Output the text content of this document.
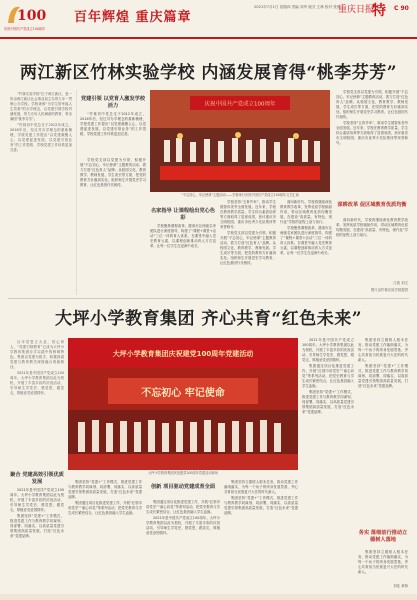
100
庆祝中国共产党成立100周年
百年辉煌 重庆篇章
2021年7月1日 星期四 责编 刘华 版式 王林 校对 张勇
重庆日报
特 C 90
两江新区竹林实验学校 内涵发展育得“桃李芬芳”

“竹林实验学校”位于两江新区，是一所由两江新区社会事业局主办的九年一贯制公办学校。学校秉承“为学生的幸福人生奠基”的办学理念，以党建引领学校内涵发展，努力办好人民满意的教育，育出满园“桃李芬芳”。

“竹林初中党总支于2012年成立，2016年后，经过对办学理念的重新梳理，学校党建工作提出“以党建凝聚人心，以党建促进发展，以党建引领业务”的工作思路，学校党建工作体系更加完善。

党建引领 以党育人激发学校活力

“竹林初中党总支于2012年成立，2016年后，经过对办学理念的重新梳理，学校党建工作提出“以党建凝聚人心，以党建促进发展，以党建引领业务”的工作思路，学校党建工作体系更加完善。

学校党支部以党建为引领，积极开展“不忘初心、牢记使命”主题教育活动，着力打造“红色育人”品牌。从校园文化、教育教学、教师发展、学生成长等方面，把党的教育方针落到实处。组织师生开展党史学习教育，让红色基因代代相传。

庆祝中国共产党成立100周年
“不忘初心，牢记使命”主题活动——学校举行庆祝中国共产党成立100周年文艺汇演
名家指导 让课程绘出党心色彩

学校聚焦课程改革，邀请市区两级名家团队进行深度指导，构建了“课程+课堂+活动”三位一体的育人体系。在课堂中融入党史教育元素，以课程创新推动育人方式变革，让每一位学生在浸润中成长。

学校坚持“五育并举”，推动学生德智体美劳全面发展。近年来，学校在教育教学质量、学生综合素质培养等方面取得了显著成绩，获评重庆市文明校园、重庆市优秀少先队集体等荣誉称号。

学校党支部以党建为引领，积极开展“不忘初心、牢记使命”主题教育活动，着力打造“红色育人”品牌。从校园文化、教育教学、教师发展、学生成长等方面，把党的教育方针落到实处。组织师生开展党史学习教育，让红色基因代代相传。

面向新时代，学校将继续深化教育教学改革，发挥优质学校辐射作用，带动区域教育优质均衡发展，在建设“高质量、有特色、现代化”学校的征程上奋力前行。

学校聚焦课程改革，邀请市区两级名家团队进行深度指导，构建了“课程+课堂+活动”三位一体的育人体系。在课堂中融入党史教育元素，以课程创新推动育人方式变革，让每一位学生在浸润中成长。

学校党支部以党建为引领，积极开展“不忘初心、牢记使命”主题教育活动，着力打造“红色育人”品牌。从校园文化、教育教学、教师发展、学生成长等方面，把党的教育方针落到实处。组织师生开展党史学习教育，让红色基因代代相传。

学校坚持“五育并举”，推动学生德智体美劳全面发展。近年来，学校在教育教学质量、学生综合素质培养等方面取得了显著成绩，获评重庆市文明校园、重庆市优秀少先队集体等荣誉称号。

深耕改革 促区域教育优质均衡

面向新时代，学校将继续深化教育教学改革，发挥优质学校辐射作用，带动区域教育优质均衡发展，在建设“高质量、有特色、现代化”学校的征程上奋力前行。

江波 刘文
图片由竹林实验学校提供
大坪小学教育集团 齐心共育“红色未来”

百年党恩立大业，初心育人，“党建引领教育”已成为大坪小学教育集团办学实践中的鲜明特色。集团以党建为抓手，积极探索党建与教育教学深度融合的新路径。

2021年是中国共产党成立100周年。大坪小学教育集团以此为契机，开展了丰富多彩的庆祝活动，引导师生学党史、感党恩、跟党走，厚植爱党爱国情怀。

聚合 党建高效引领优质发展

2021年是中国共产党成立100周年。大坪小学教育集团以此为契机，开展了丰富多彩的庆祝活动，引导师生学党史、感党恩、跟党走，厚植爱党爱国情怀。

集团坚持“党建+”工作模式，推进党建工作与教育教学同谋划、同部署、同落实，以高质量党建引领集团高质量发展，打造“红色未来”党建品牌。

大坪小学教育集团庆祝建党100周年党建活动
不忘初心 牢记使命
大坪小学教育集团庆祝建党100周年党建活动现场

集团坚持“党建+”工作模式，推进党建工作与教育教学同谋划、同部署、同落实，以高质量党建引领集团高质量发展，打造“红色未来”党建品牌。

集团通过项目化推进党建工作，开展“红领巾讲党史”“童心向党”等系列活动，把党史教育与学生成长紧密结合，让红色基因融入学生血脉。

创新 项目驱动党建成育全面

集团通过项目化推进党建工作，开展“红领巾讲党史”“童心向党”等系列活动，把党史教育与学生成长紧密结合，让红色基因融入学生血脉。

2021年是中国共产党成立100周年。大坪小学教育集团以此为契机，开展了丰富多彩的庆祝活动，引导师生学党史、感党恩、跟党走，厚植爱党爱国情怀。

集团坚持立德树人根本任务，推动党建工作落细落实，为每一个孩子的终身发展奠基，齐心共育担当民族复兴大任的时代新人。

集团坚持“党建+”工作模式，推进党建工作与教育教学同谋划、同部署、同落实，以高质量党建引领集团高质量发展，打造“红色未来”党建品牌。

2021年是中国共产党成立100周年。大坪小学教育集团以此为契机，开展了丰富多彩的庆祝活动，引导师生学党史、感党恩、跟党走，厚植爱党爱国情怀。

集团通过项目化推进党建工作，开展“红领巾讲党史”“童心向党”等系列活动，把党史教育与学生成长紧密结合，让红色基因融入学生血脉。

集团坚持“党建+”工作模式，推进党建工作与教育教学同谋划、同部署、同落实，以高质量党建引领集团高质量发展，打造“红色未来”党建品牌。

集团坚持立德树人根本任务，推动党建工作落细落实，为每一个孩子的终身发展奠基，齐心共育担当民族复兴大任的时代新人。

集团坚持“党建+”工作模式，推进党建工作与教育教学同谋划、同部署、同落实，以高质量党建引领集团高质量发展，打造“红色未来”党建品牌。

务实 落细前行推动立德树人落地

集团坚持立德树人根本任务，推动党建工作落细落实，为每一个孩子的终身发展奠基，齐心共育担当民族复兴大任的时代新人。

刘佳 黄林
